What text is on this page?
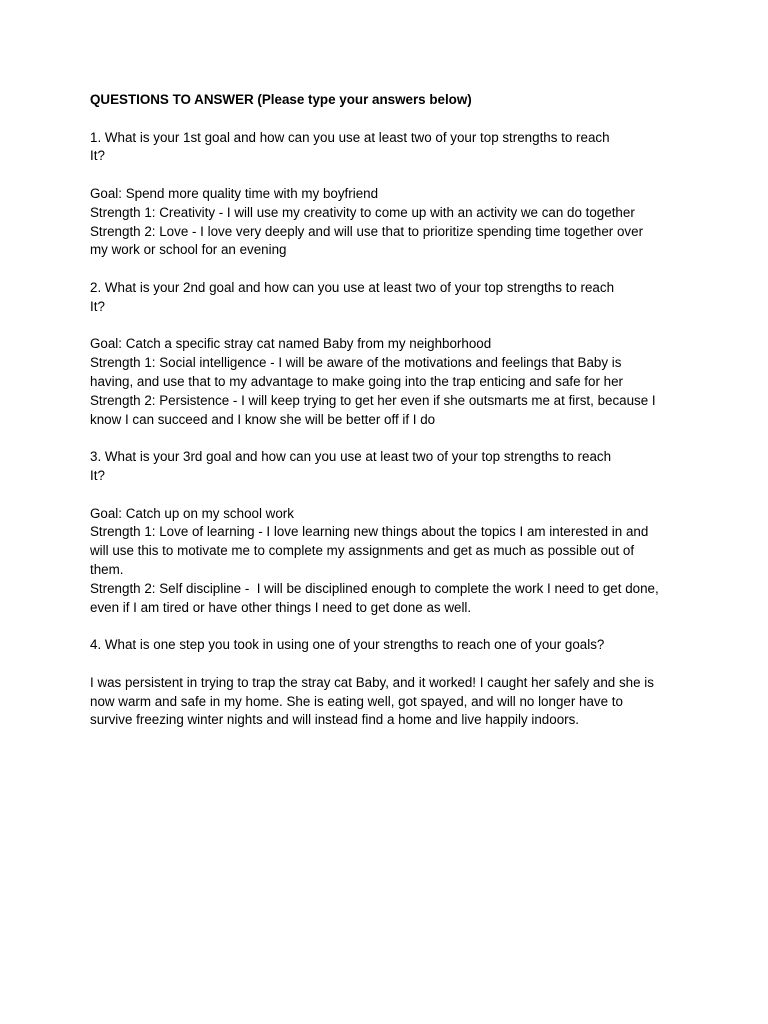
QUESTIONS TO ANSWER (Please type your answers below)
1. What is your 1st goal and how can you use at least two of your top strengths to reach
It?
Goal: Spend more quality time with my boyfriend
Strength 1: Creativity - I will use my creativity to come up with an activity we can do together
Strength 2: Love - I love very deeply and will use that to prioritize spending time together over
my work or school for an evening
2. What is your 2nd goal and how can you use at least two of your top strengths to reach
It?
Goal: Catch a specific stray cat named Baby from my neighborhood
Strength 1: Social intelligence - I will be aware of the motivations and feelings that Baby is
having, and use that to my advantage to make going into the trap enticing and safe for her
Strength 2: Persistence - I will keep trying to get her even if she outsmarts me at first, because I
know I can succeed and I know she will be better off if I do
3. What is your 3rd goal and how can you use at least two of your top strengths to reach
It?
Goal: Catch up on my school work
Strength 1: Love of learning - I love learning new things about the topics I am interested in and
will use this to motivate me to complete my assignments and get as much as possible out of
them.
Strength 2: Self discipline -  I will be disciplined enough to complete the work I need to get done,
even if I am tired or have other things I need to get done as well.
4. What is one step you took in using one of your strengths to reach one of your goals?
I was persistent in trying to trap the stray cat Baby, and it worked! I caught her safely and she is
now warm and safe in my home. She is eating well, got spayed, and will no longer have to
survive freezing winter nights and will instead find a home and live happily indoors.
